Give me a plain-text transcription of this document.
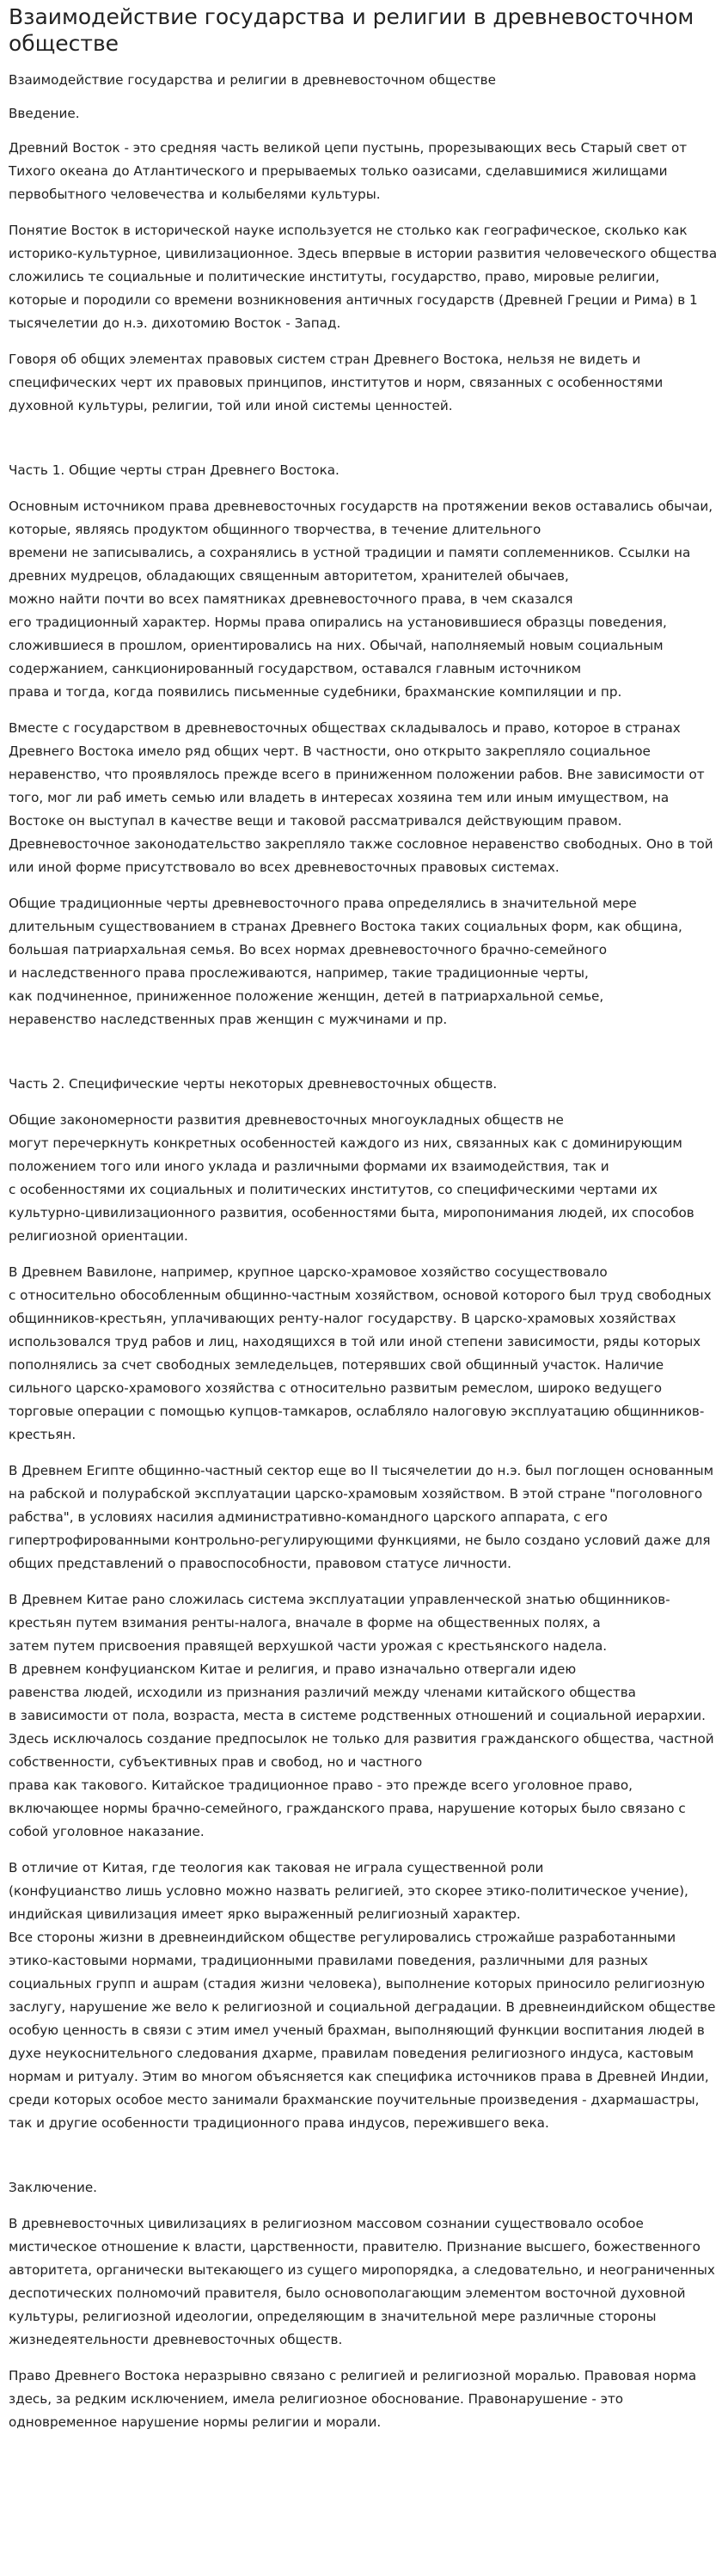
Взаимодействие государства и религии в древневосточном обществе

Взаимодействие государства и религии в древневосточном обществе

Введение.

Древний Восток - это средняя часть великой цепи пустынь, прорезывающих весь Старый свет от Тихого океана до Атлантического и прерываемых только оазисами, сделавшимися жилищами первобытного человечества и колыбелями культуры.

Понятие Восток в исторической науке используется не столько как географическое, сколько как историко-культурное, цивилизационное. Здесь впервые в истории развития человеческого общества сложились те социальные и политические институты, государство, право, мировые религии, которые и породили со времени возникновения античных государств (Древней Греции и Рима) в 1 тысячелетии до н.э. дихотомию Восток - Запад.

Говоря об общих элементах правовых систем стран Древнего Востока, нельзя не видеть и специфических черт их правовых принципов, институтов и норм, связанных с особенностями духовной культуры, религии, той или иной системы ценностей.

Часть 1. Общие черты стран Древнего Востока.

Основным источником права древневосточных государств на протяжении веков оставались обычаи, которые, являясь продуктом общинного творчества, в течение длительного
времени не записывались, а сохранялись в устной традиции и памяти соплеменников. Ссылки на древних мудрецов, обладающих священным авторитетом, хранителей обычаев,
можно найти почти во всех памятниках древневосточного права, в чем сказался
его традиционный характер. Нормы права опирались на установившиеся образцы поведения, сложившиеся в прошлом, ориентировались на них. Обычай, наполняемый новым социальным содержанием, санкционированный государством, оставался главным источником
права и тогда, когда появились письменные судебники, брахманские компиляции и пр.

Вместе с государством в древневосточных обществах складывалось и право, которое в странах Древнего Востока имело ряд общих черт. В частности, оно открыто закрепляло социальное неравенство, что проявлялось прежде всего в приниженном положении рабов. Вне зависимости от того, мог ли раб иметь семью или владеть в интересах хозяина тем или иным имуществом, на Востоке он выступал в качестве вещи и таковой рассматривался действующим правом. Древневосточное законодательство закрепляло также сословное неравенство свободных. Оно в той или иной форме присутствовало во всех древневосточных правовых системах.

Общие традиционные черты древневосточного права определялись в значительной мере длительным существованием в странах Древнего Востока таких социальных форм, как община, большая патриархальная семья. Во всех нормах древневосточного брачно-семейного
и наследственного права прослеживаются, например, такие традиционные черты,
как подчиненное, приниженное положение женщин, детей в патриархальной семье,
неравенство наследственных прав женщин с мужчинами и пр.

Часть 2. Специфические черты некоторых древневосточных обществ.

Общие закономерности развития древневосточных многоукладных обществ не
могут перечеркнуть конкретных особенностей каждого из них, связанных как с доминирующим положением того или иного уклада и различными формами их взаимодействия, так и
с особенностями их социальных и политических институтов, со специфическими чертами их культурно-цивилизационного развития, особенностями быта, миропонимания людей, их способов религиозной ориентации.

В Древнем Вавилоне, например, крупное царско-храмовое хозяйство сосуществовало
с относительно обособленным общинно-частным хозяйством, основой которого был труд свободных общинников-крестьян, уплачивающих ренту-налог государству. В царско-храмовых хозяйствах использовался труд рабов и лиц, находящихся в той или иной степени зависимости, ряды которых пополнялись за счет свободных земледельцев, потерявших свой общинный участок. Наличие сильного царско-храмового хозяйства с относительно развитым ремеслом, широко ведущего торговые операции с помощью купцов-тамкаров, ослабляло налоговую эксплуатацию общинников-крестьян.

В Древнем Египте общинно-частный сектор еще во II тысячелетии до н.э. был поглощен основанным на рабской и полурабской эксплуатации царско-храмовым хозяйством. В этой стране "поголовного рабства", в условиях насилия административно-командного царского аппарата, с его гипертрофированными контрольно-регулирующими функциями, не было создано условий даже для общих представлений о правоспособности, правовом статусе личности.

В Древнем Китае рано сложилась система эксплуатации управленческой знатью общинников-крестьян путем взимания ренты-налога, вначале в форме на общественных полях, а
затем путем присвоения правящей верхушкой части урожая с крестьянского надела.
В древнем конфуцианском Китае и религия, и право изначально отвергали идею
равенства людей, исходили из признания различий между членами китайского общества
в зависимости от пола, возраста, места в системе родственных отношений и социальной иерархии. Здесь исключалось создание предпосылок не только для развития гражданского общества, частной собственности, субъективных прав и свобод, но и частного
права как такового. Китайское традиционное право - это прежде всего уголовное право, включающее нормы брачно-семейного, гражданского права, нарушение которых было связано с собой уголовное наказание.

В отличие от Китая, где теология как таковая не играла существенной роли
(конфуцианство лишь условно можно назвать религией, это скорее этико-политическое учение), индийская цивилизация имеет ярко выраженный религиозный характер.
Все стороны жизни в древнеиндийском обществе регулировались строжайше разработанными этико-кастовыми нормами, традиционными правилами поведения, различными для разных социальных групп и ашрам (стадия жизни человека), выполнение которых приносило религиозную заслугу, нарушение же вело к религиозной и социальной деградации. В древнеиндийском обществе особую ценность в связи с этим имел ученый брахман, выполняющий функции воспитания людей в духе неукоснительного следования дхарме, правилам поведения религиозного индуса, кастовым нормам и ритуалу. Этим во многом объясняется как специфика источников права в Древней Индии, среди которых особое место занимали брахманские поучительные произведения - дхармашастры, так и другие особенности традиционного права индусов, пережившего века.

Заключение.

В древневосточных цивилизациях в религиозном массовом сознании существовало особое мистическое отношение к власти, царственности, правителю. Признание высшего, божественного авторитета, органически вытекающего из сущего миропорядка, а следовательно, и неограниченных деспотических полномочий правителя, было основополагающим элементом восточной духовной культуры, религиозной идеологии, определяющим в значительной мере различные стороны жизнедеятельности древневосточных обществ.

Право Древнего Востока неразрывно связано с религией и религиозной моралью. Правовая норма здесь, за редким исключением, имела религиозное обоснование. Правонарушение - это одновременное нарушение нормы религии и морали.
